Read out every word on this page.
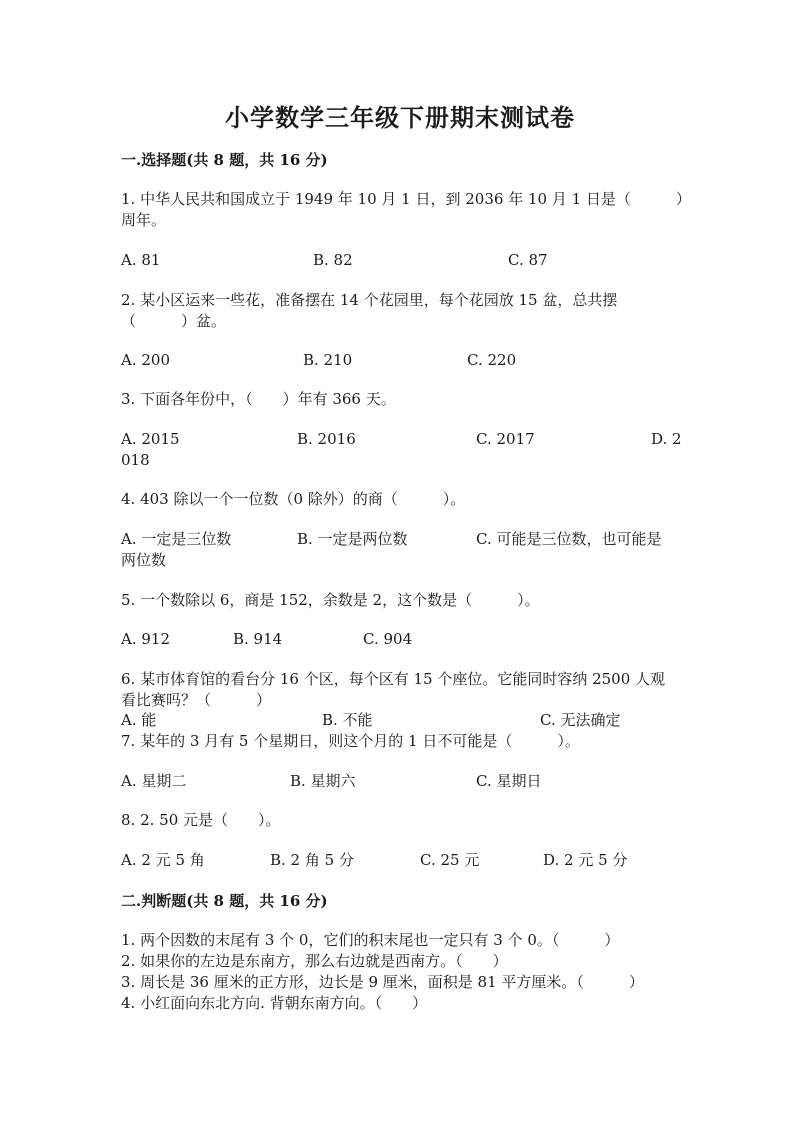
小学数学三年级下册期末测试卷
一.选择题(共 8 题，共 16 分)
1. 中华人民共和国成立于 1949 年 10 月 1 日，到 2036 年 10 月 1 日是（　　　）
周年。
A. 81	B. 82	C. 87
2. 某小区运来一些花，准备摆在 14 个花园里，每个花园放 15 盆，总共摆
（　　　）盆。
A. 200	B. 210	C. 220
3. 下面各年份中，（　　）年有 366 天。
A. 2015	B. 2016	C. 2017	D. 2
018
4. 403 除以一个一位数（0 除外）的商（　　　）。
A. 一定是三位数	B. 一定是两位数	C. 可能是三位数，也可能是
两位数
5. 一个数除以 6，商是 152，余数是 2，这个数是（　　　）。
A. 912	B. 914	C. 904
6. 某市体育馆的看台分 16 个区，每个区有 15 个座位。它能同时容纳 2500 人观
看比赛吗？（　　　）
A. 能	B. 不能	C. 无法确定
7. 某年的 3 月有 5 个星期日，则这个月的 1 日不可能是（　　　）。
A. 星期二	B. 星期六	C. 星期日
8. 2. 50 元是（　　）。
A. 2 元 5 角	B. 2 角 5 分	C. 25 元	D. 2 元 5 分
二.判断题(共 8 题，共 16 分)
1. 两个因数的末尾有 3 个 0，它们的积末尾也一定只有 3 个 0。（　　　）
2. 如果你的左边是东南方，那么右边就是西南方。（　　）
3. 周长是 36 厘米的正方形，边长是 9 厘米，面积是 81 平方厘米。（　　　）
4. 小红面向东北方向. 背朝东南方向。（　　）
